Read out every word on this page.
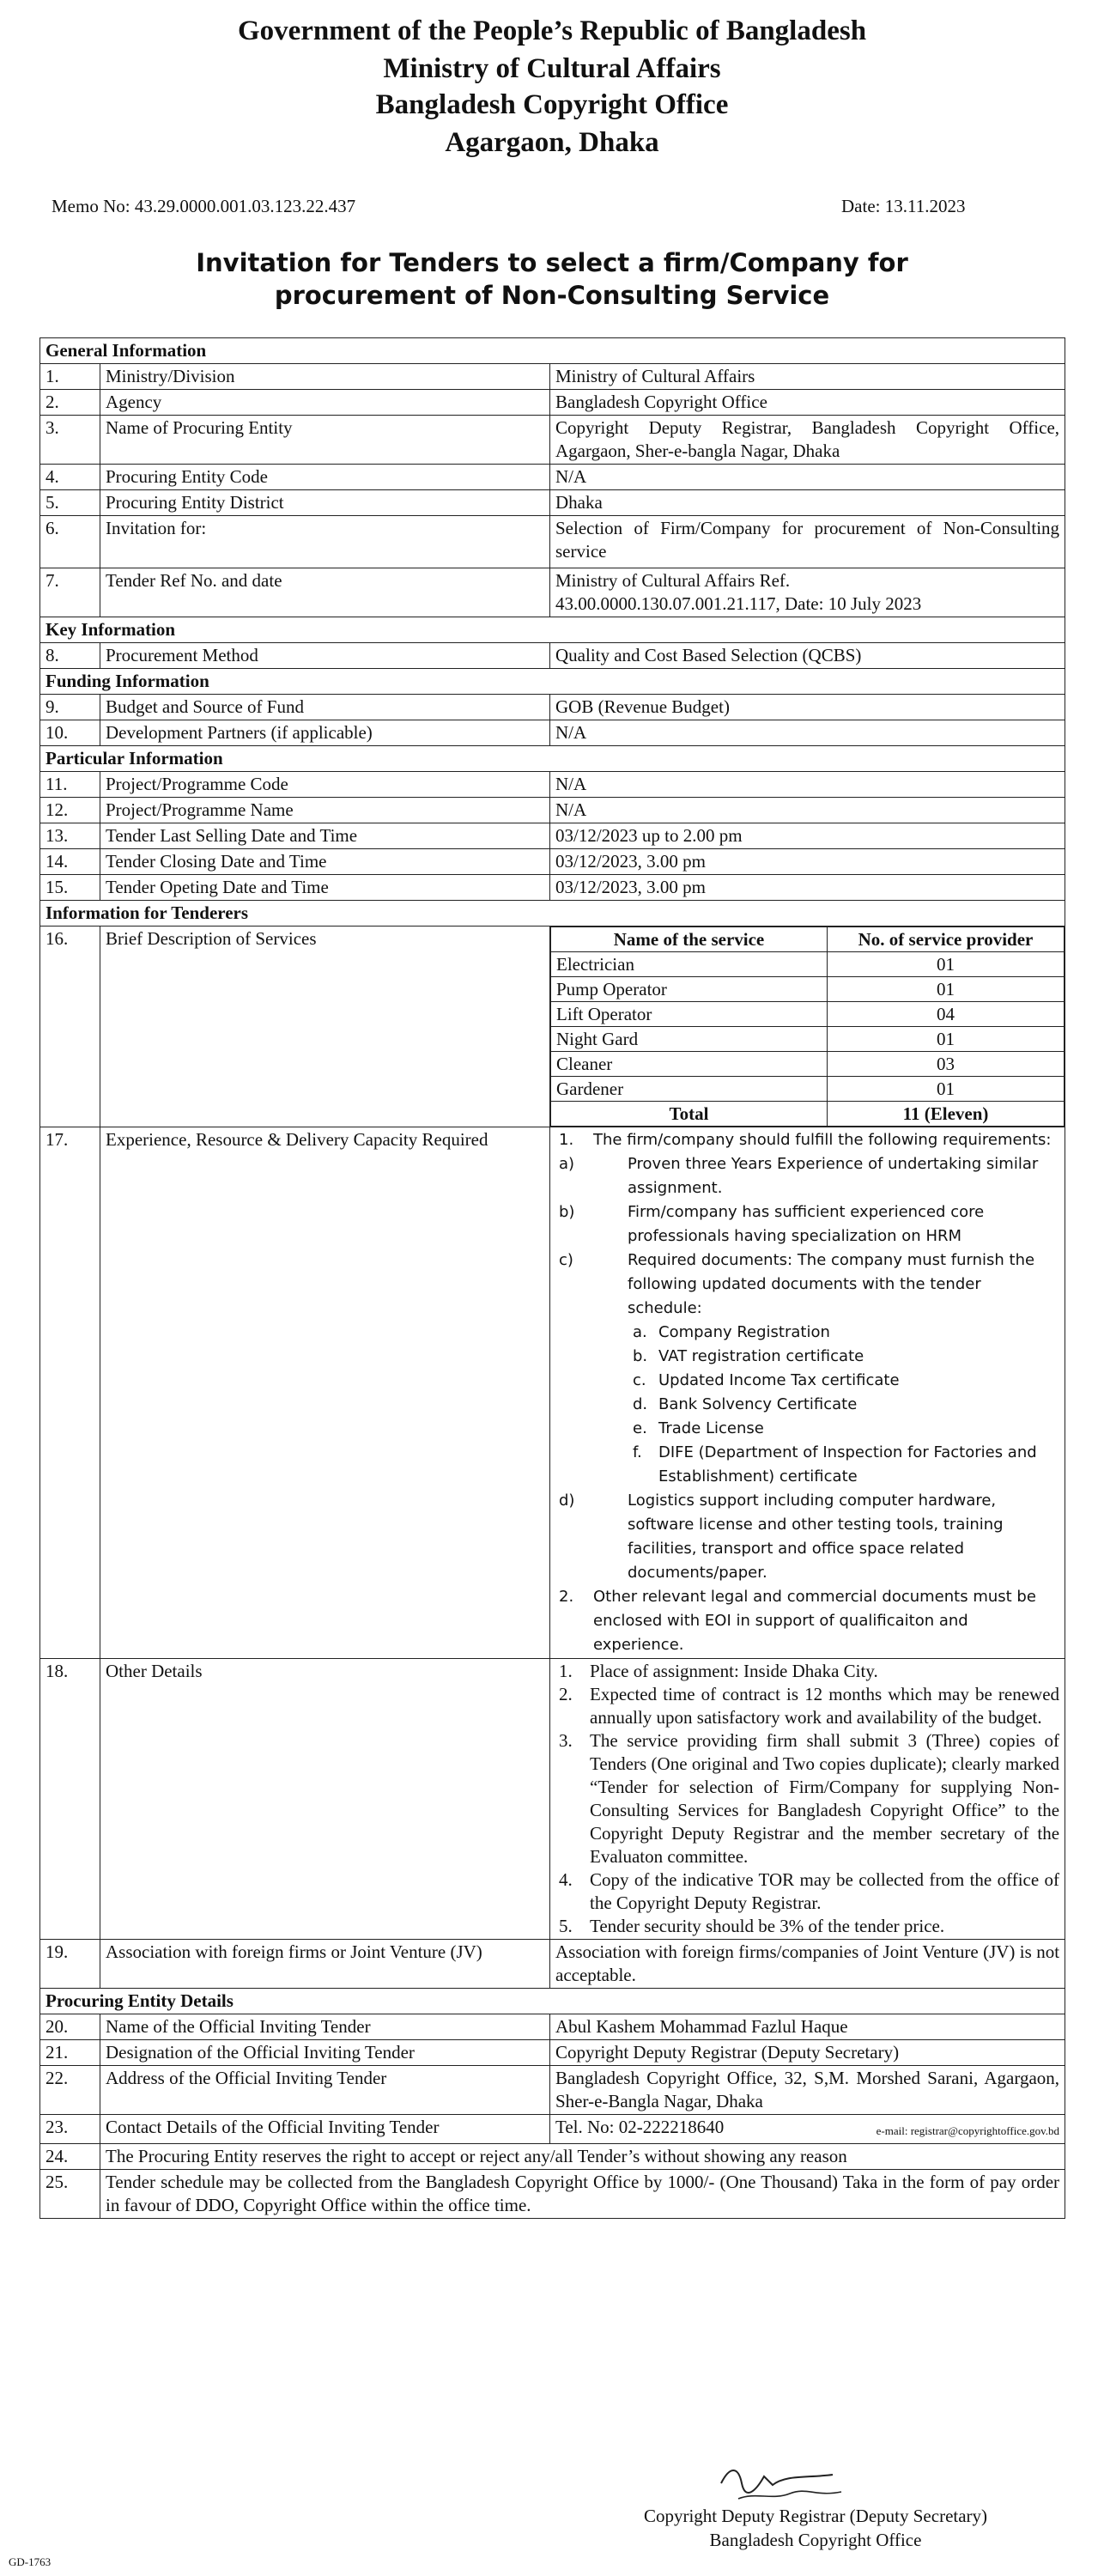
Government of the People’s Republic of Bangladesh
Ministry of Cultural Affairs
Bangladesh Copyright Office
Agargaon, Dhaka
Memo No: 43.29.0000.001.03.123.22.437	Date: 13.11.2023
Invitation for Tenders to select a firm/Company for
procurement of Non-Consulting Service
General Information
1.	Ministry/Division	Ministry of Cultural Affairs
2.	Agency	Bangladesh Copyright Office
3.	Name of Procuring Entity	Copyright Deputy Registrar, Bangladesh Copyright Office, Agargaon, Sher-e-bangla Nagar, Dhaka
4.	Procuring Entity Code	N/A
5.	Procuring Entity District	Dhaka
6.	Invitation for:	Selection of Firm/Company for procurement of Non-Consulting service
7.	Tender Ref No. and date	Ministry of Cultural Affairs Ref.
43.00.0000.130.07.001.21.117, Date: 10 July 2023

Key Information
8.	Procurement Method	Quality and Cost Based Selection (QCBS)
Funding Information
9.	Budget and Source of Fund	GOB (Revenue Budget)
10.	Development Partners (if applicable)	N/A
Particular Information
11.	Project/Programme Code	N/A
12.	Project/Programme Name	N/A
13.	Tender Last Selling Date and Time	03/12/2023 up to 2.00 pm
14.	Tender Closing Date and Time	03/12/2023, 3.00 pm
15.	Tender Opeting Date and Time	03/12/2023, 3.00 pm
Information for Tenderers
16.	Brief Description of Services		Name of the service	No. of service provider
Electrician	01
Pump Operator	01
Lift Operator	04
Night Gard	01
Cleaner	03
Gardener	01
Total	11 (Eleven)

17.	Experience, Resource & Delivery Capacity Required	1. The firm/company should fulfill the following requirements:
a)	Proven three Years Experience of undertaking similar assignment.
b)	Firm/company has sufficient experienced core professionals having specialization on HRM
c)	Required documents: The company must furnish the following updated documents with the tender schedule:
a. Company Registration
b. VAT registration certificate
c. Updated Income Tax certificate
d. Bank Solvency Certificate
e. Trade License
f. DIFE (Department of Inspection for Factories and Establishment) certificate
d)	Logistics support including computer hardware, software license and other testing tools, training facilities, transport and office space related documents/paper.
2. Other relevant legal and commercial documents must be enclosed with EOI in support of qualificaiton and experience.

18.	Other Details	1. Place of assignment: Inside Dhaka City.
2. Expected time of contract is 12 months which may be renewed annually upon satisfactory work and availability of the budget.
3. The service providing firm shall submit 3 (Three) copies of Tenders (One original and Two copies duplicate); clearly marked “Tender for selection of Firm/Company for supplying Non-Consulting Services for Bangladesh Copyright Office” to the Copyright Deputy Registrar and the member secretary of the Evaluaton committee.
4. Copy of the indicative TOR may be collected from the office of the Copyright Deputy Registrar.
5. Tender security should be 3% of the tender price.

19.	Association with foreign firms or Joint Venture (JV)	Association with foreign firms/companies of Joint Venture (JV) is not acceptable.
Procuring Entity Details
20.	Name of the Official Inviting Tender	Abul Kashem Mohammad Fazlul Haque
21.	Designation of the Official Inviting Tender	Copyright Deputy Registrar (Deputy Secretary)
22.	Address of the Official Inviting Tender	Bangladesh Copyright Office, 32, S,M. Morshed Sarani, Agargaon, Sher-e-Bangla Nagar, Dhaka
23.	Contact Details of the Official Inviting Tender	Tel. No: 02-222218640	e-mail: registrar@copyrightoffice.gov.bd

24.	The Procuring Entity reserves the right to accept or reject any/all Tender’s without showing any reason
25.	Tender schedule may be collected from the Bangladesh Copyright Office by 1000/- (One Thousand) Taka in the form of pay order in favour of DDO, Copyright Office within the office time.
Copyright Deputy Registrar (Deputy Secretary)
Bangladesh Copyright Office
GD-1763
